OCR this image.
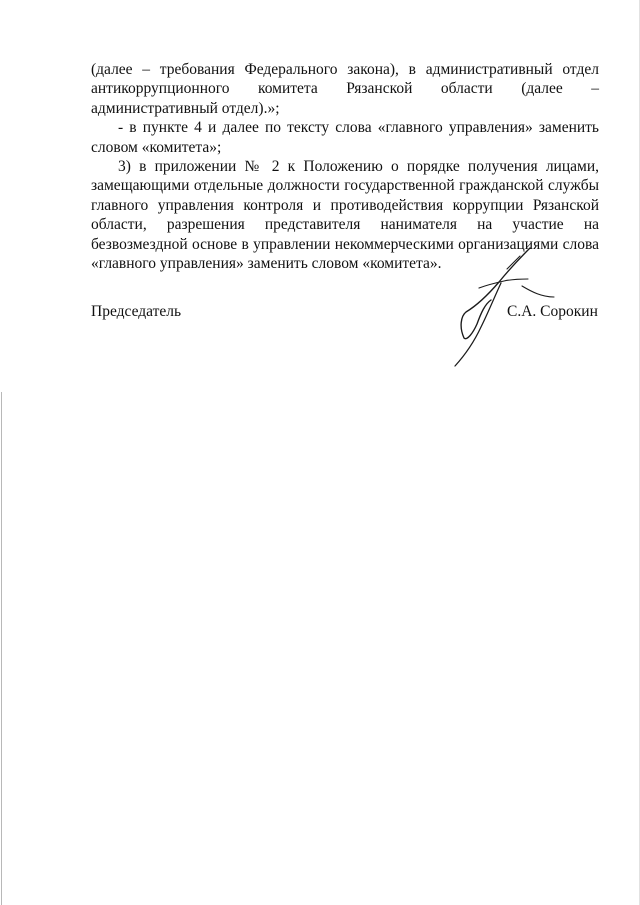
(далее – требования Федерального закона), в административный отдел антикоррупционного комитета Рязанской области (далее – административный отдел).»;

- в пункте 4 и далее по тексту слова «главного управления» заменить словом «комитета»;

3) в приложении № 2 к Положению о порядке получения лицами, замещающими отдельные должности государственной гражданской службы главного управления контроля и противодействия коррупции Рязанской области, разрешения представителя нанимателя на участие на безвозмездной основе в управлении некоммерческими организациями слова «главного управления» заменить словом «комитета».

Председатель	С.А. Сорокин
